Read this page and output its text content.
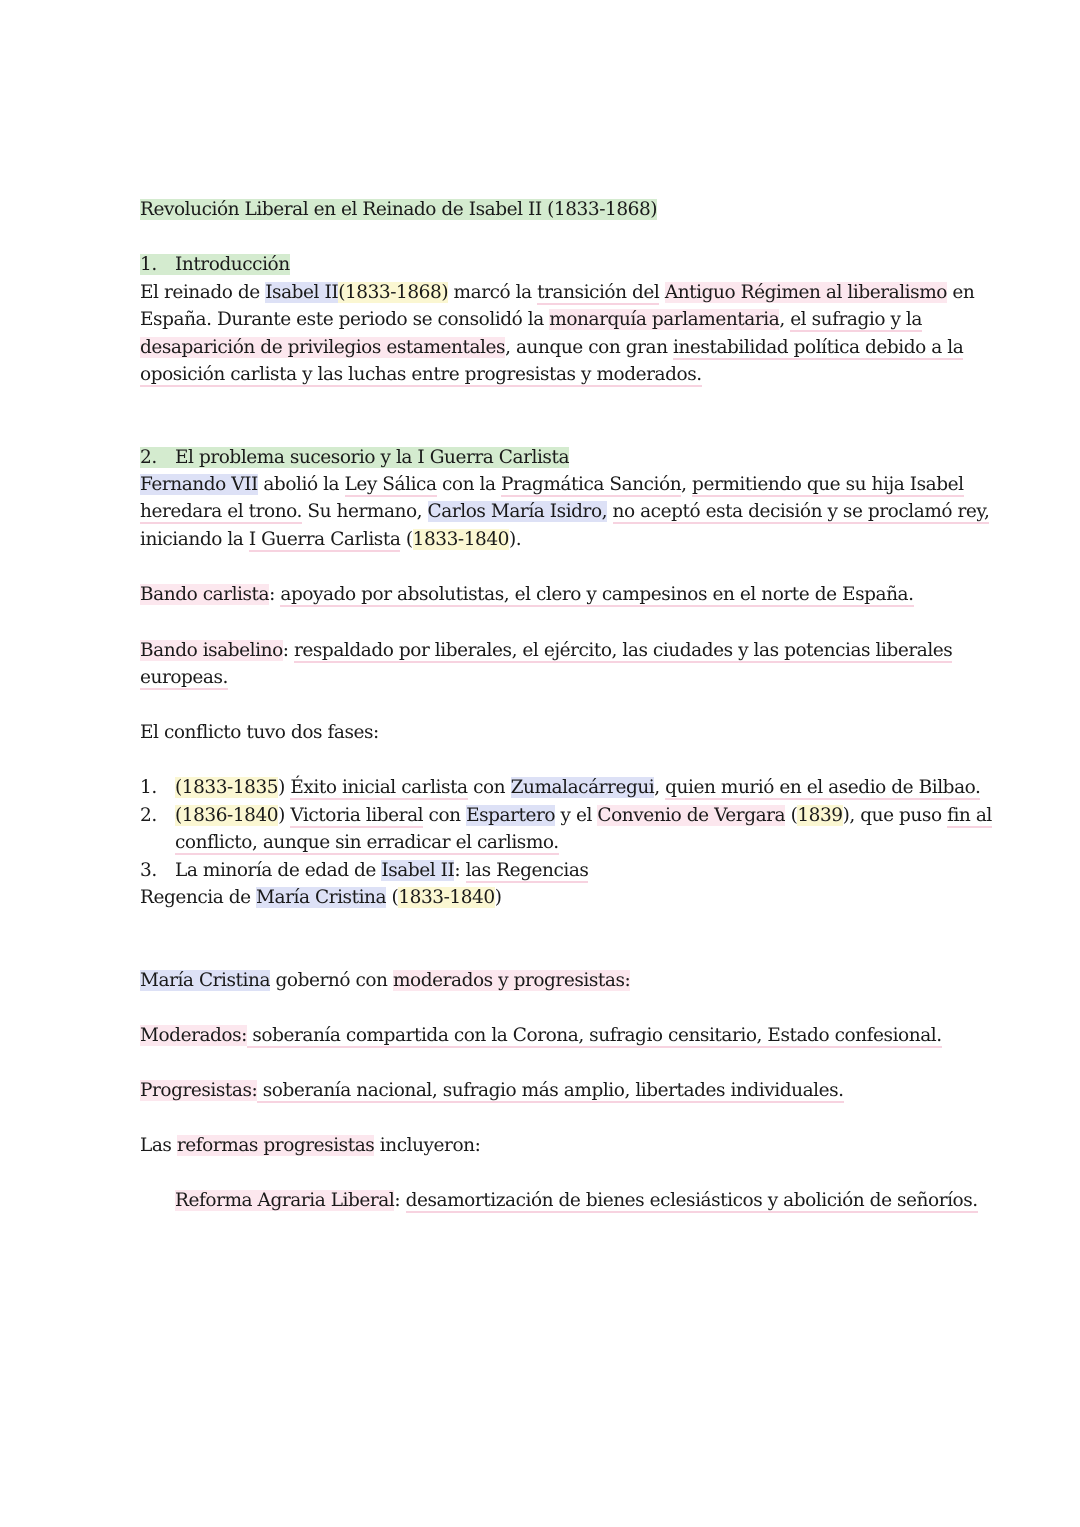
Revolución Liberal en el Reinado de Isabel II (1833-1868)
1. Introducción
El reinado de Isabel II(1833-1868) marcó la transición del Antiguo Régimen al liberalismo en
España. Durante este periodo se consolidó la monarquía parlamentaria, el sufragio y la
desaparición de privilegios estamentales, aunque con gran inestabilidad política debido a la
oposición carlista y las luchas entre progresistas y moderados.
2. El problema sucesorio y la I Guerra Carlista
Fernando VII abolió la Ley Sálica con la Pragmática Sanción, permitiendo que su hija Isabel
heredara el trono. Su hermano, Carlos María Isidro, no aceptó esta decisión y se proclamó rey,
iniciando la I Guerra Carlista (1833-1840).
Bando carlista: apoyado por absolutistas, el clero y campesinos en el norte de España.
Bando isabelino: respaldado por liberales, el ejército, las ciudades y las potencias liberales
europeas.
El conflicto tuvo dos fases:
1. (1833-1835) Éxito inicial carlista con Zumalacárregui, quien murió en el asedio de Bilbao.
2. (1836-1840) Victoria liberal con Espartero y el Convenio de Vergara (1839), que puso fin al
conflicto, aunque sin erradicar el carlismo.
3. La minoría de edad de Isabel II: las Regencias
Regencia de María Cristina (1833-1840)
María Cristina gobernó con moderados y progresistas:
Moderados: soberanía compartida con la Corona, sufragio censitario, Estado confesional.
Progresistas: soberanía nacional, sufragio más amplio, libertades individuales.
Las reformas progresistas incluyeron:
Reforma Agraria Liberal: desamortización de bienes eclesiásticos y abolición de señoríos.
